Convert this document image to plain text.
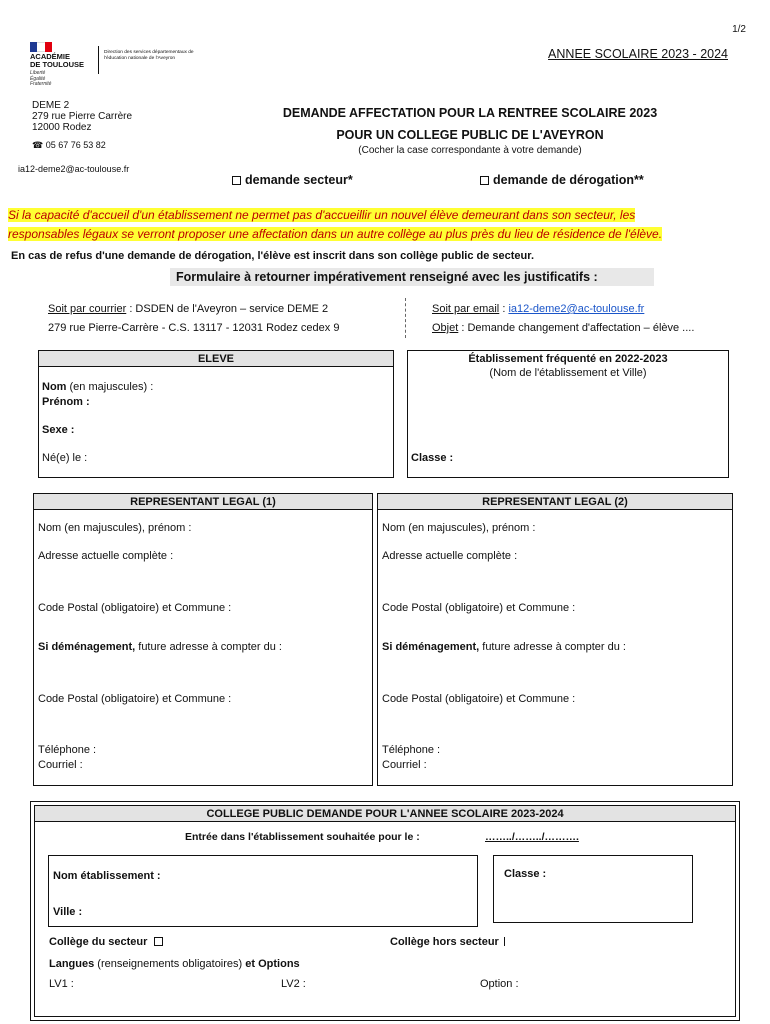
1/2
ACADÉMIE
DE TOULOUSE
Liberté
Égalité
Fraternité
Direction des services départementaux de l'éducation nationale de l'Aveyron	ANNEE SCOLAIRE 2023 - 2024
DEME 2
279 rue Pierre Carrère
12000 Rodez
☎ 05 67 76 53 82
ia12-deme2@ac-toulouse.fr
DEMANDE AFFECTATION POUR LA RENTREE SCOLAIRE 2023
POUR UN COLLEGE PUBLIC DE L'AVEYRON
(Cocher la case correspondante à votre demande)
demande secteur*	demande de dérogation**
Si la capacité d'accueil d'un établissement ne permet pas d'accueillir un nouvel élève demeurant dans son secteur, les
responsables légaux se verront proposer une affectation dans un autre collège au plus près du lieu de résidence de l'élève.
En cas de refus d'une demande de dérogation, l'élève est inscrit dans son collège public de secteur.
Formulaire à retourner impérativement renseigné avec les justificatifs :
Soit par courrier : DSDEN de l'Aveyron – service DEME 2
279 rue Pierre-Carrère - C.S. 13117 - 12031 Rodez cedex 9
Soit par email : ia12-deme2@ac-toulouse.fr
Objet : Demande changement d'affectation – élève ....
ELEVE
Nom (en majuscules) :
Prénom :
Sexe :
Né(e) le :
Établissement fréquenté en 2022-2023
(Nom de l'établissement et Ville)
Classe :
REPRESENTANT LEGAL (1)
Nom (en majuscules), prénom :
Adresse actuelle complète :
Code Postal (obligatoire) et Commune :
Si déménagement, future adresse à compter du :
Code Postal (obligatoire) et Commune :
Téléphone :
Courriel :
REPRESENTANT LEGAL (2)
Nom (en majuscules), prénom :
Adresse actuelle complète :
Code Postal (obligatoire) et Commune :
Si déménagement, future adresse à compter du :
Code Postal (obligatoire) et Commune :
Téléphone :
Courriel :
COLLEGE PUBLIC DEMANDE POUR L'ANNEE SCOLAIRE 2023-2024
Entrée dans l'établissement souhaitée pour le :	……../……../……….
Nom établissement :
Ville :
Classe :
Collège du secteur	Collège hors secteur
Langues (renseignements obligatoires) et Options
LV1 :	LV2 :	Option :
